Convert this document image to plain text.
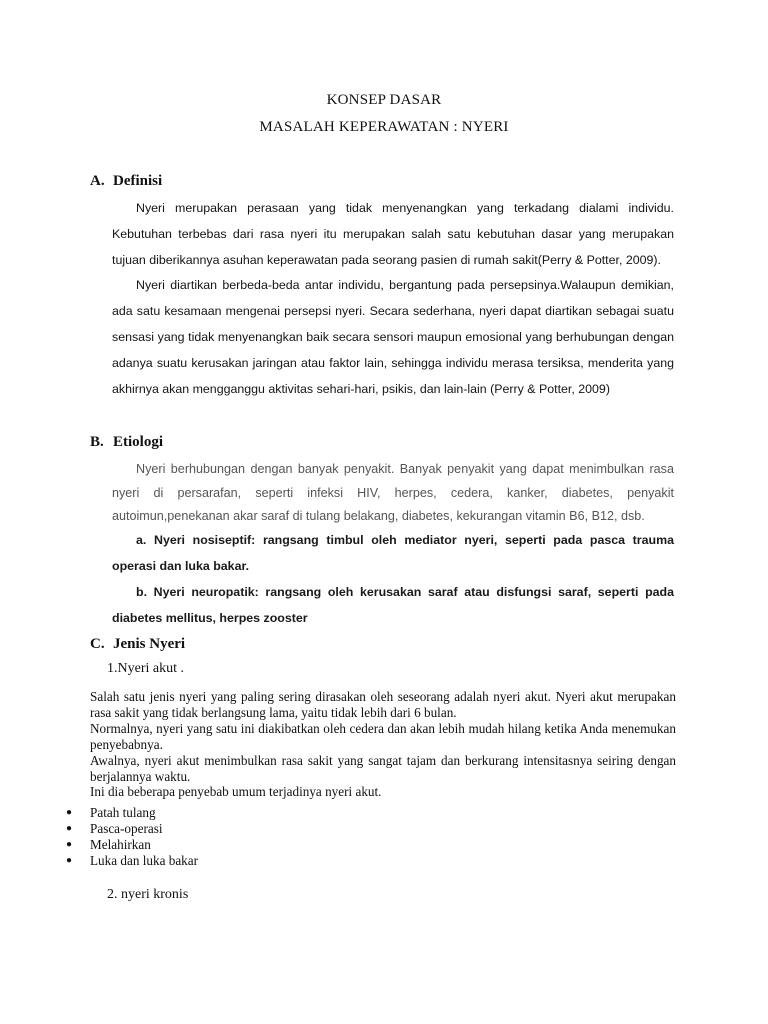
KONSEP DASAR
MASALAH KEPERAWATAN : NYERI
A. Definisi

Nyeri merupakan perasaan yang tidak menyenangkan yang terkadang dialami individu. Kebutuhan terbebas dari rasa nyeri itu merupakan salah satu kebutuhan dasar yang merupakan tujuan diberikannya asuhan keperawatan pada seorang pasien di rumah sakit(Perry & Potter, 2009).

Nyeri diartikan berbeda-beda antar individu, bergantung pada persepsinya.Walaupun demikian, ada satu kesamaan mengenai persepsi nyeri. Secara sederhana, nyeri dapat diartikan sebagai suatu sensasi yang tidak menyenangkan baik secara sensori maupun emosional yang berhubungan dengan adanya suatu kerusakan jaringan atau faktor lain, sehingga individu merasa tersiksa, menderita yang akhirnya akan mengganggu aktivitas sehari-hari, psikis, dan lain-lain (Perry & Potter, 2009)

B. Etiologi

Nyeri berhubungan dengan banyak penyakit. Banyak penyakit yang dapat menimbulkan rasa nyeri di persarafan, seperti infeksi HIV, herpes, cedera, kanker, diabetes, penyakit autoimun,penekanan akar saraf di tulang belakang, diabetes, kekurangan vitamin B6, B12, dsb.

a. Nyeri nosiseptif: rangsang timbul oleh mediator nyeri, seperti pada pasca trauma operasi dan luka bakar.

b. Nyeri neuropatik: rangsang oleh kerusakan saraf atau disfungsi saraf, seperti pada diabetes mellitus, herpes zooster

C. Jenis Nyeri
1.Nyeri akut .

Salah satu jenis nyeri yang paling sering dirasakan oleh seseorang adalah nyeri akut. Nyeri akut merupakan rasa sakit yang tidak berlangsung lama, yaitu tidak lebih dari 6 bulan.

Normalnya, nyeri yang satu ini diakibatkan oleh cedera dan akan lebih mudah hilang ketika Anda menemukan penyebabnya.

Awalnya, nyeri akut menimbulkan rasa sakit yang sangat tajam dan berkurang intensitasnya seiring dengan berjalannya waktu.

Ini dia beberapa penyebab umum terjadinya nyeri akut.

●	Patah tulang
●	Pasca-operasi
●	Melahirkan
●	Luka dan luka bakar
2. nyeri kronis
